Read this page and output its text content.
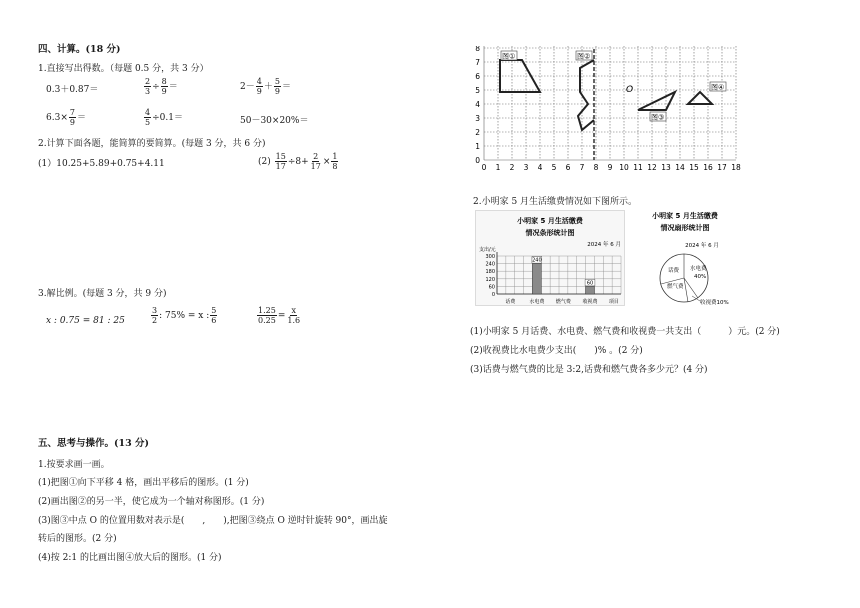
四、计算。(18 分)
1.直接写出得数。（每题 0.5 分，共 3 分）
0.3＋0.87＝	$\frac{2}{3} \div \frac{8}{9}$ ＝	$2- \frac{4}{9} + \frac{5}{9}$ ＝
$6.3\times \frac{7}{9}$ ＝	$\frac{4}{5} \div 0.1=$	50－30×20%＝
2.计算下面各题，能简算的要简算。(每题 3 分，共 6 分)
(1）10.25+5.89+0.75+4.11	$(2) \frac{15}{17} \div 8+ \frac{2}{17} \times \frac{1}{8}$
3.解比例。(每题 3 分，共 9 分)
x : 0.75 = 81 : 25	$\frac{3}{2}$ : 75% = x : $\frac{5}{6}$	$\frac{1.25}{0.25} = \frac{x}{1.6}$
五、思考与操作。(13 分)
1.按要求画一画。
(1)把图①向下平移 4 格，画出平移后的图形。(1 分)
(2)画出图②的另一半，使它成为一个轴对称图形。(1 分)
(3)图③中点 O 的位置用数对表示是(　　,　　),把图③绕点 O 逆时针旋转 90°，画出旋
转后的图形。(2 分)
(4)按 2:1 的比画出图④放大后的图形。(1 分)
0 1 2 3 4 5 6 7 8 9 10 11 12 13 14 15 16 17 18
0
1
2
3
4
5
6
7
8
图①	图②
O
图③
图④
2.小明家 5 月生活缴费情况如下图所示。
小明家 5 月生活缴费
情况条形统计图
2024 年 6 月
支出/元
0
60
120
180
240
300
话费	水电费
240
燃气费 收视费
60
项目
小明家 5 月生活缴费
情况扇形统计图
2024 年 6 月
话费 水电费
40%
燃气费
收视费10%
(1)小明家 5 月话费、水电费、燃气费和收视费一共支出（　　　）元。(2 分)
(2)收视费比水电费少支出(　　)% 。(2 分)
(3)话费与燃气费的比是 3:2,话费和燃气费各多少元？(4 分)
